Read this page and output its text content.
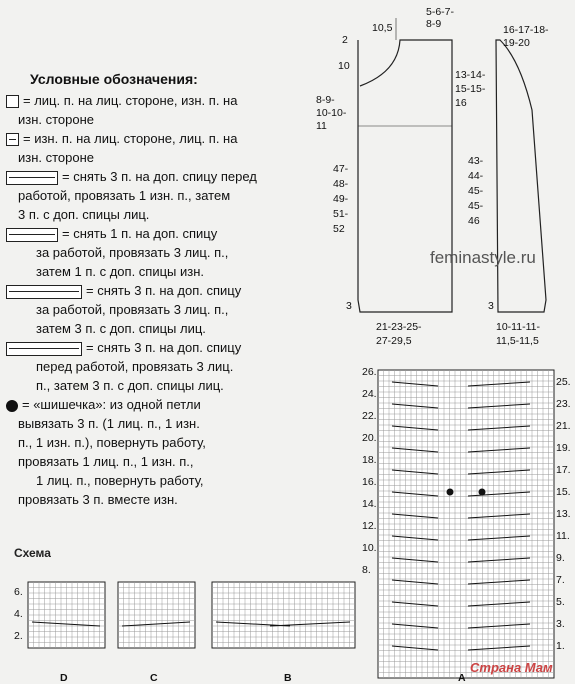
Условные обозначения:
= лиц. п. на лиц. стороне, изн. п. на
изн. стороне
= изн. п. на лиц. стороне, лиц. п. на
изн. стороне
= снять 3 п. на доп. спицу перед
работой, провязать 1 изн. п., затем
3 п. с доп. спицы лиц.
= снять 1 п. на доп. спицу
за работой, провязать 3 лиц. п.,
затем 1 п. с доп. спицы изн.
= снять 3 п. на доп. спицу
за работой, провязать 3 лиц. п.,
затем 3 п. с доп. спицы лиц.
= снять 3 п. на доп. спицу
перед работой, провязать 3 лиц.
п., затем 3 п. с доп. спицы лиц.
= «шишечка»: из одной петли
вывязать 3 п. (1 лиц. п., 1 изн.
п., 1 изн. п.), повернуть работу,
провязать 1 лиц. п., 1 изн. п.,
1 лиц. п., повернуть работу,
провязать 3 п. вместе изн.
Схема
10,5
2
5-6-7-
8-9
10
8-9-
10-10-
11
47-
48-
49-
51-
52
3
21-23-25-
27-29,5
16-17-18-
19-20
13-14-
15-15-
16
43-
44-
45-
45-
46
3
10-11-11-
11,5-11,5
feminastyle.ru
Страна Мам
6.
4.
2.
D	C	B	A
26.
24.
22.
20.
18.
16.
14.
12.
10.
8.
25.
23.
21.
19.
17.
15.
13.
11.
9.
7.
5.
3.
1.
